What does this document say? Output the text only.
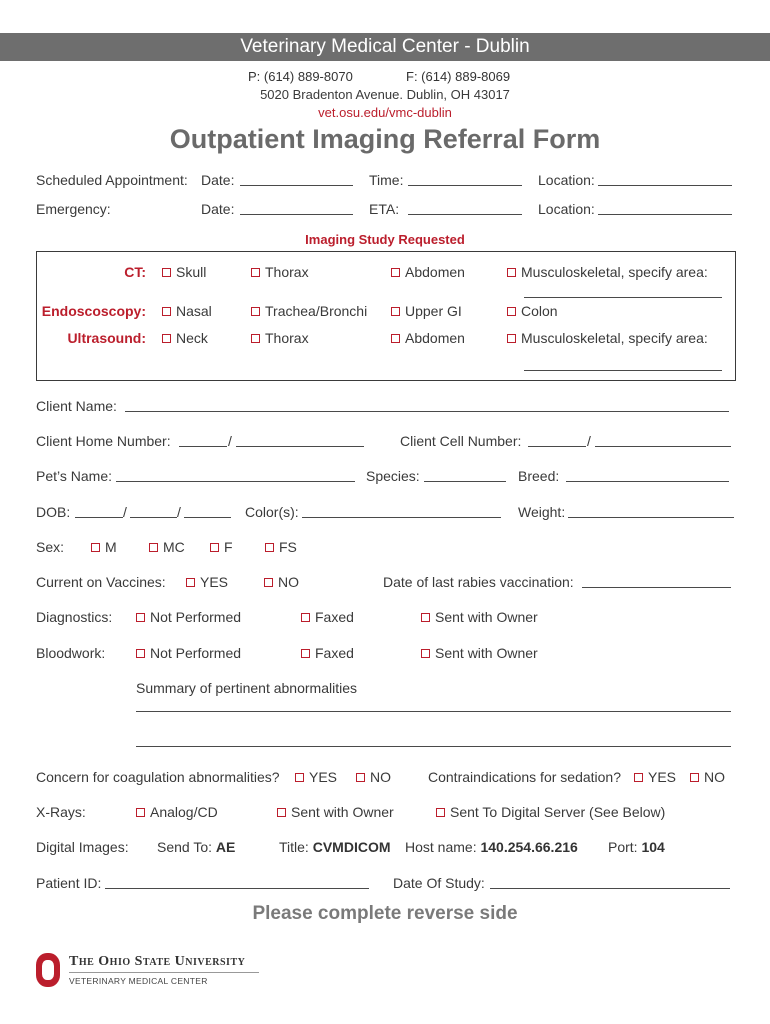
Veterinary Medical Center - Dublin
P: (614) 889-8070	F: (614) 889-8069
5020 Bradenton Avenue. Dublin, OH 43017
vet.osu.edu/vmc-dublin
Outpatient Imaging Referral Form
Scheduled Appointment: Date:	Time:	Location:
Emergency:	Date:	ETA:	Location:
Imaging Study Requested
CT:	Skull	Thorax	Abdomen	Musculoskeletal, specify area:
Endoscoscopy:	Nasal	Trachea/Bronchi	Upper GI	Colon
Ultrasound:	Neck	Thorax	Abdomen	Musculoskeletal, specify area:
Client Name:
Client Home Number:	/	Client Cell Number:	/
Pet’s Name:	Species:	Breed:
DOB:	/	/	Color(s):	Weight:
Sex:	M	MC	F	FS
Current on Vaccines:	YES	NO	Date of last rabies vaccination:
Diagnostics:	Not Performed	Faxed	Sent with Owner
Bloodwork:	Not Performed	Faxed	Sent with Owner
Summary of pertinent abnormalities
Concern for coagulation abnormalities?	YES	NO	Contraindications for sedation?	YES	NO
X-Rays:	Analog/CD	Sent with Owner	Sent To Digital Server (See Below)
Digital Images: Send To: AE	Title: CVMDICOM Host name: 140.254.66.216 Port: 104
Patient ID:	Date Of Study:
Please complete reverse side
The Ohio State University
VETERINARY MEDICAL CENTER
